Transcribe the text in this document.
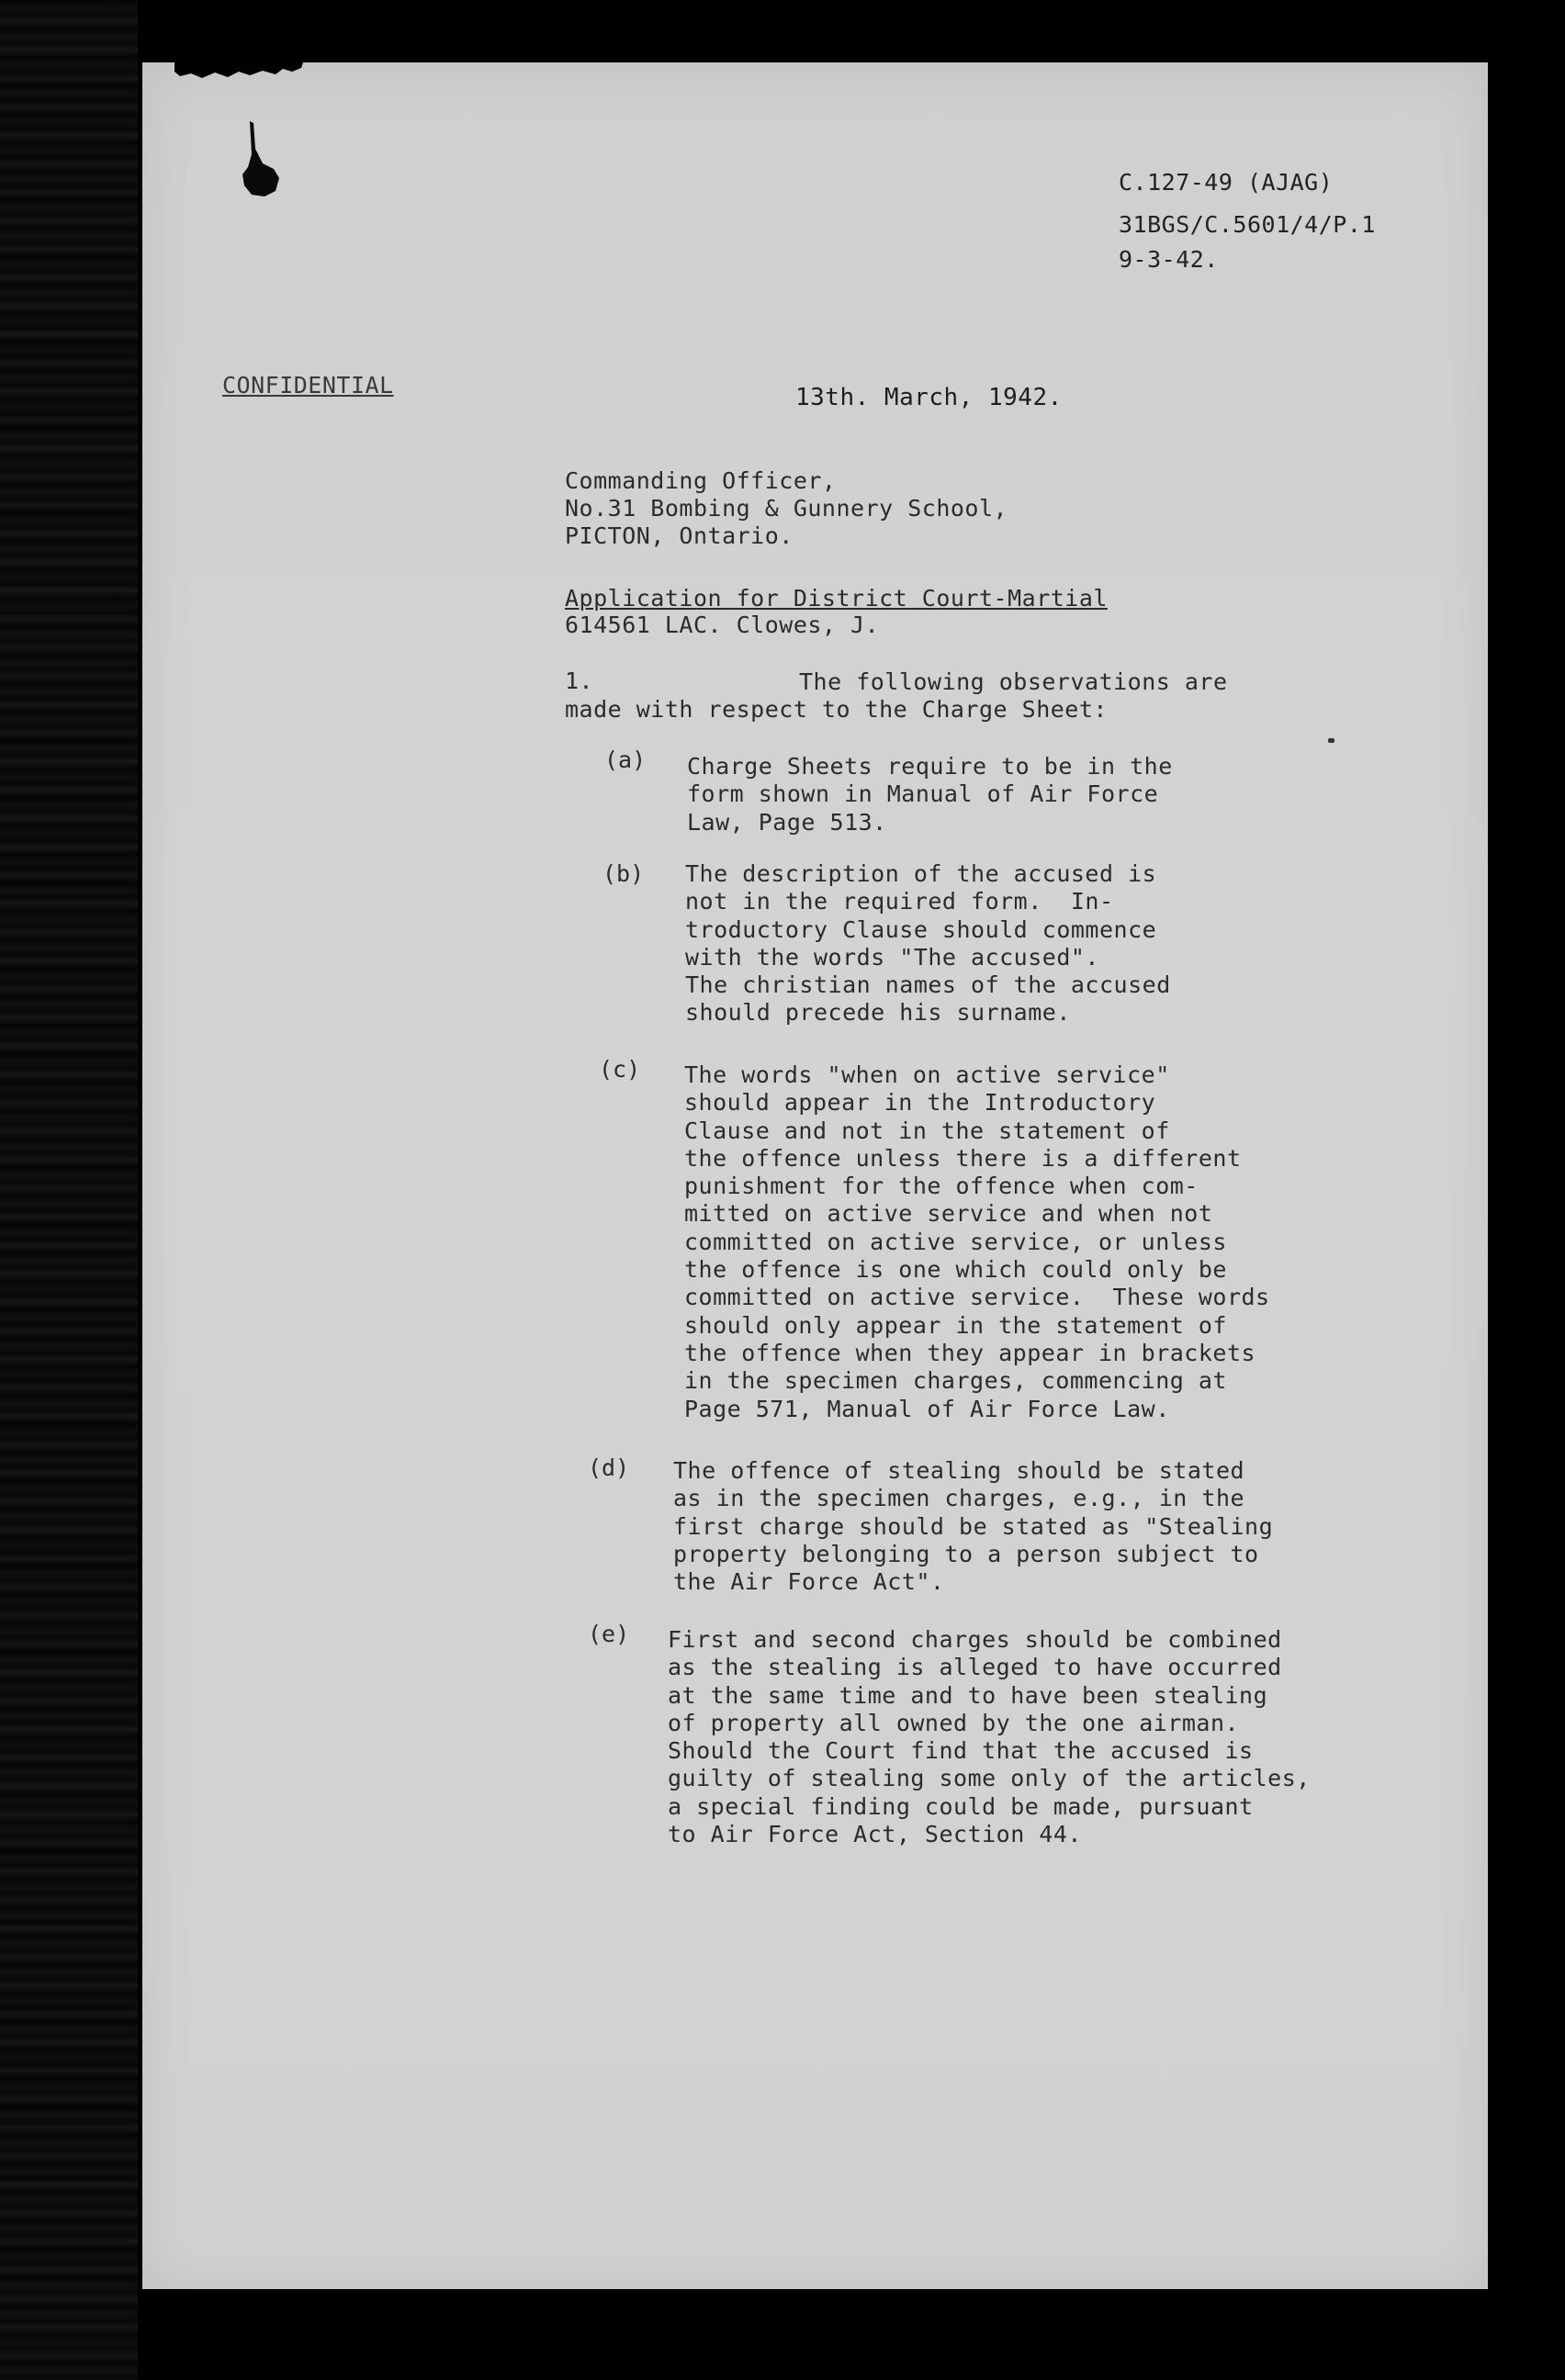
C.127-49 (AJAG)
31BGS/C.5601/4/P.1
9-3-42.
CONFIDENTIAL	13th. March, 1942.
Commanding Officer,
No.31 Bombing & Gunnery School,
PICTON, Ontario.
Application for District Court-Martial
614561 LAC. Clowes, J.
1.	The following observations are
made with respect to the Charge Sheet:
(a) Charge Sheets require to be in the
form shown in Manual of Air Force
Law, Page 513.
(b) The description of the accused is
not in the required form.  In-
troductory Clause should commence
with the words "The accused".
The christian names of the accused
should precede his surname.
(c) The words "when on active service"
should appear in the Introductory
Clause and not in the statement of
the offence unless there is a different
punishment for the offence when com-
mitted on active service and when not
committed on active service, or unless
the offence is one which could only be
committed on active service.  These words
should only appear in the statement of
the offence when they appear in brackets
in the specimen charges, commencing at
Page 571, Manual of Air Force Law.
(d) The offence of stealing should be stated
as in the specimen charges, e.g., in the
first charge should be stated as "Stealing
property belonging to a person subject to
the Air Force Act".
(e) First and second charges should be combined
as the stealing is alleged to have occurred
at the same time and to have been stealing
of property all owned by the one airman.
Should the Court find that the accused is
guilty of stealing some only of the articles,
a special finding could be made, pursuant
to Air Force Act, Section 44.
